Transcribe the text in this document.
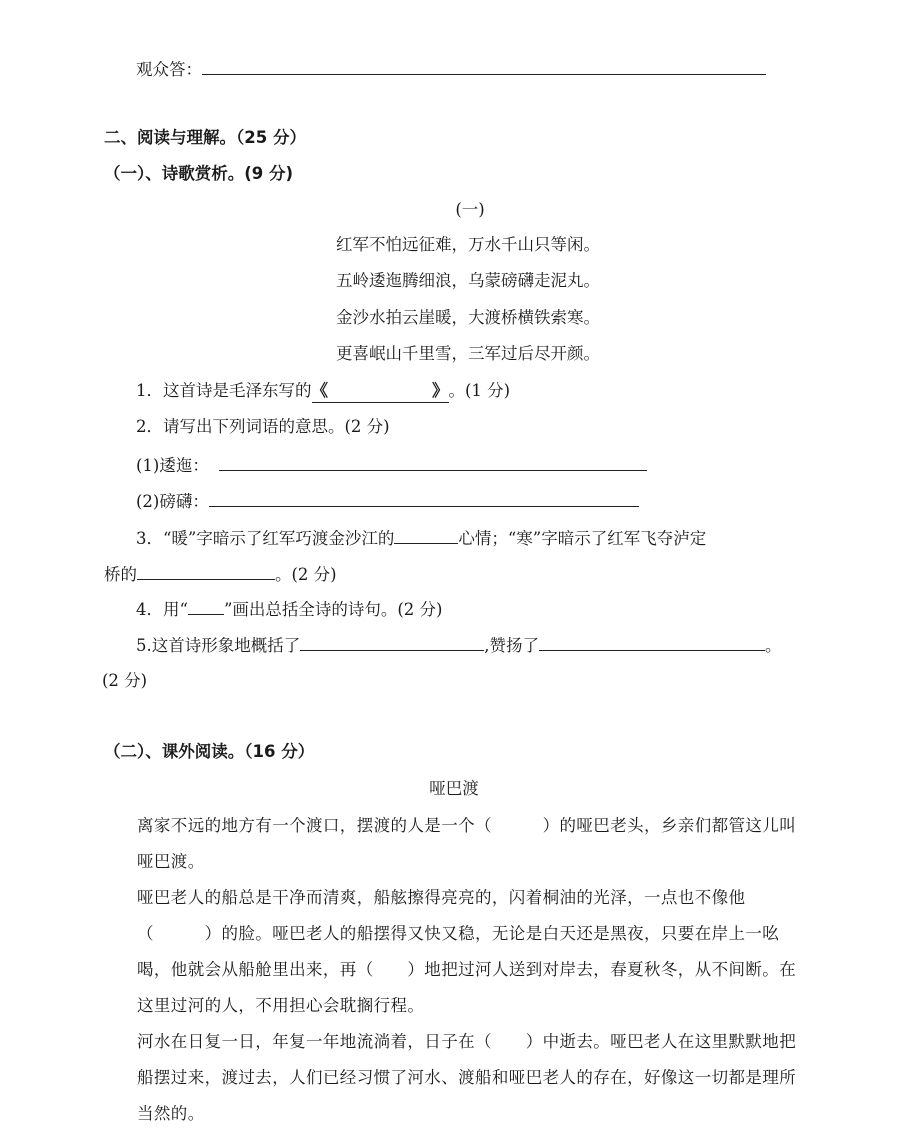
观众答：
二、阅读与理解。（25 分）
（一）、诗歌赏析。(9 分)
(一)
红军不怕远征难，万水千山只等闲。
五岭逶迤腾细浪，乌蒙磅礴走泥丸。
金沙水拍云崖暖，大渡桥横铁索寒。
更喜岷山千里雪，三军过后尽开颜。
1．这首诗是毛泽东写的《	》。(1 分)
2．请写出下列词语的意思。(2 分)
(1)逶迤：
(2)磅礴：
3．“暖”字暗示了红军巧渡金沙江的	心情；“寒”字暗示了红军飞夺泸定
桥的	。(2 分)
4．用“ ”画出总括全诗的诗句。(2 分)
5.这首诗形象地概括了	,赞扬了	。
(2 分)
（二）、课外阅读。（16 分）
哑巴渡
离家不远的地方有一个渡口，摆渡的人是一个（　　　）的哑巴老头，乡亲们都管这儿叫哑巴渡。
哑巴老人的船总是干净而清爽，船舷擦得亮亮的，闪着桐油的光泽，一点也不像他（　　　）的脸。哑巴老人的船摆得又快又稳，无论是白天还是黑夜，只要在岸上一吆喝，他就会从船舱里出来，再（　　）地把过河人送到对岸去，春夏秋冬，从不间断。在这里过河的人，不用担心会耽搁行程。
河水在日复一日，年复一年地流淌着，日子在（　　）中逝去。哑巴老人在这里默默地把船摆过来，渡过去，人们已经习惯了河水、渡船和哑巴老人的存在，好像这一切都是理所当然的。
